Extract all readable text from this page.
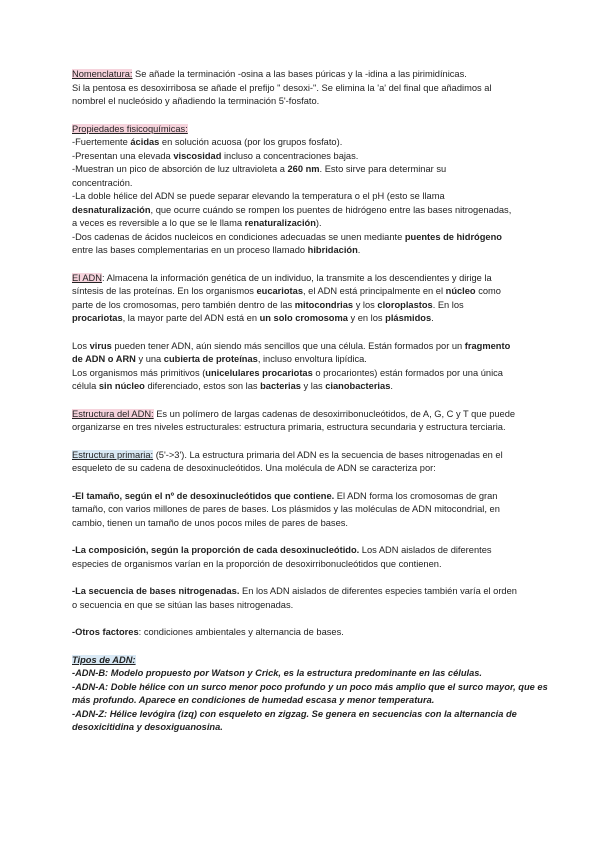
Nomenclatura: Se añade la terminación -osina a las bases púricas y la -idina a las pirimidínicas.
Si la pentosa es desoxirribosa se añade el prefijo " desoxi-". Se elimina la 'a' del final que añadimos al
nombrel el nucleósido y añadiendo la terminación 5'-fosfato.
Propiedades fisicoquímicas:
-Fuertemente ácidas en solución acuosa (por los grupos fosfato).
-Presentan una elevada viscosidad incluso a concentraciones bajas.
-Muestran un pico de absorción de luz ultravioleta a 260 nm. Esto sirve para determinar su
concentración.
-La doble hélice del ADN se puede separar elevando la temperatura o el pH (esto se llama
desnaturalización, que ocurre cuándo se rompen los puentes de hidrógeno entre las bases nitrogenadas,
a veces es reversible a lo que se le llama renaturalización).
-Dos cadenas de ácidos nucleicos en condiciones adecuadas se unen mediante puentes de hidrógeno
entre las bases complementarias en un proceso llamado hibridación.
El ADN: Almacena la información genética de un individuo, la transmite a los descendientes y dirige la
síntesis de las proteínas. En los organismos eucariotas, el ADN está principalmente en el núcleo como
parte de los cromosomas, pero también dentro de las mitocondrias y los cloroplastos. En los
procariotas, la mayor parte del ADN está en un solo cromosoma y en los plásmidos.
Los virus pueden tener ADN, aún siendo más sencillos que una célula. Están formados por un fragmento
de ADN o ARN y una cubierta de proteínas, incluso envoltura lipídica.
Los organismos más primitivos (unicelulares procariotas o procariontes) están formados por una única
célula sin núcleo diferenciado, estos son las bacterias y las cianobacterias.
Estructura del ADN: Es un polímero de largas cadenas de desoxirribonucleótidos, de A, G, C y T que puede
organizarse en tres niveles estructurales: estructura primaria, estructura secundaria y estructura terciaria.
Estructura primaria: (5'->3'). La estructura primaria del ADN es la secuencia de bases nitrogenadas en el
esqueleto de su cadena de desoxinucleótidos. Una molécula de ADN se caracteriza por:
-El tamaño, según el nº de desoxinucleótidos que contiene. El ADN forma los cromosomas de gran
tamaño, con varios millones de pares de bases. Los plásmidos y las moléculas de ADN mitocondrial, en
cambio, tienen un tamaño de unos pocos miles de pares de bases.
-La composición, según la proporción de cada desoxinucleótido. Los ADN aislados de diferentes
especies de organismos varían en la proporción de desoxirribonucleótidos que contienen.
-La secuencia de bases nitrogenadas. En los ADN aislados de diferentes especies también varía el orden
o secuencia en que se sitúan las bases nitrogenadas.
-Otros factores: condiciones ambientales y alternancia de bases.
Tipos de ADN:
-ADN-B: Modelo propuesto por Watson y Crick, es la estructura predominante en las células.
-ADN-A: Doble hélice con un surco menor poco profundo y un poco más amplio que el surco mayor, que es
más profundo. Aparece en condiciones de humedad escasa y menor temperatura.
-ADN-Z: Hélice levógira (izq) con esqueleto en zigzag. Se genera en secuencias con la alternancia de
desoxicitidina y desoxiguanosina.
